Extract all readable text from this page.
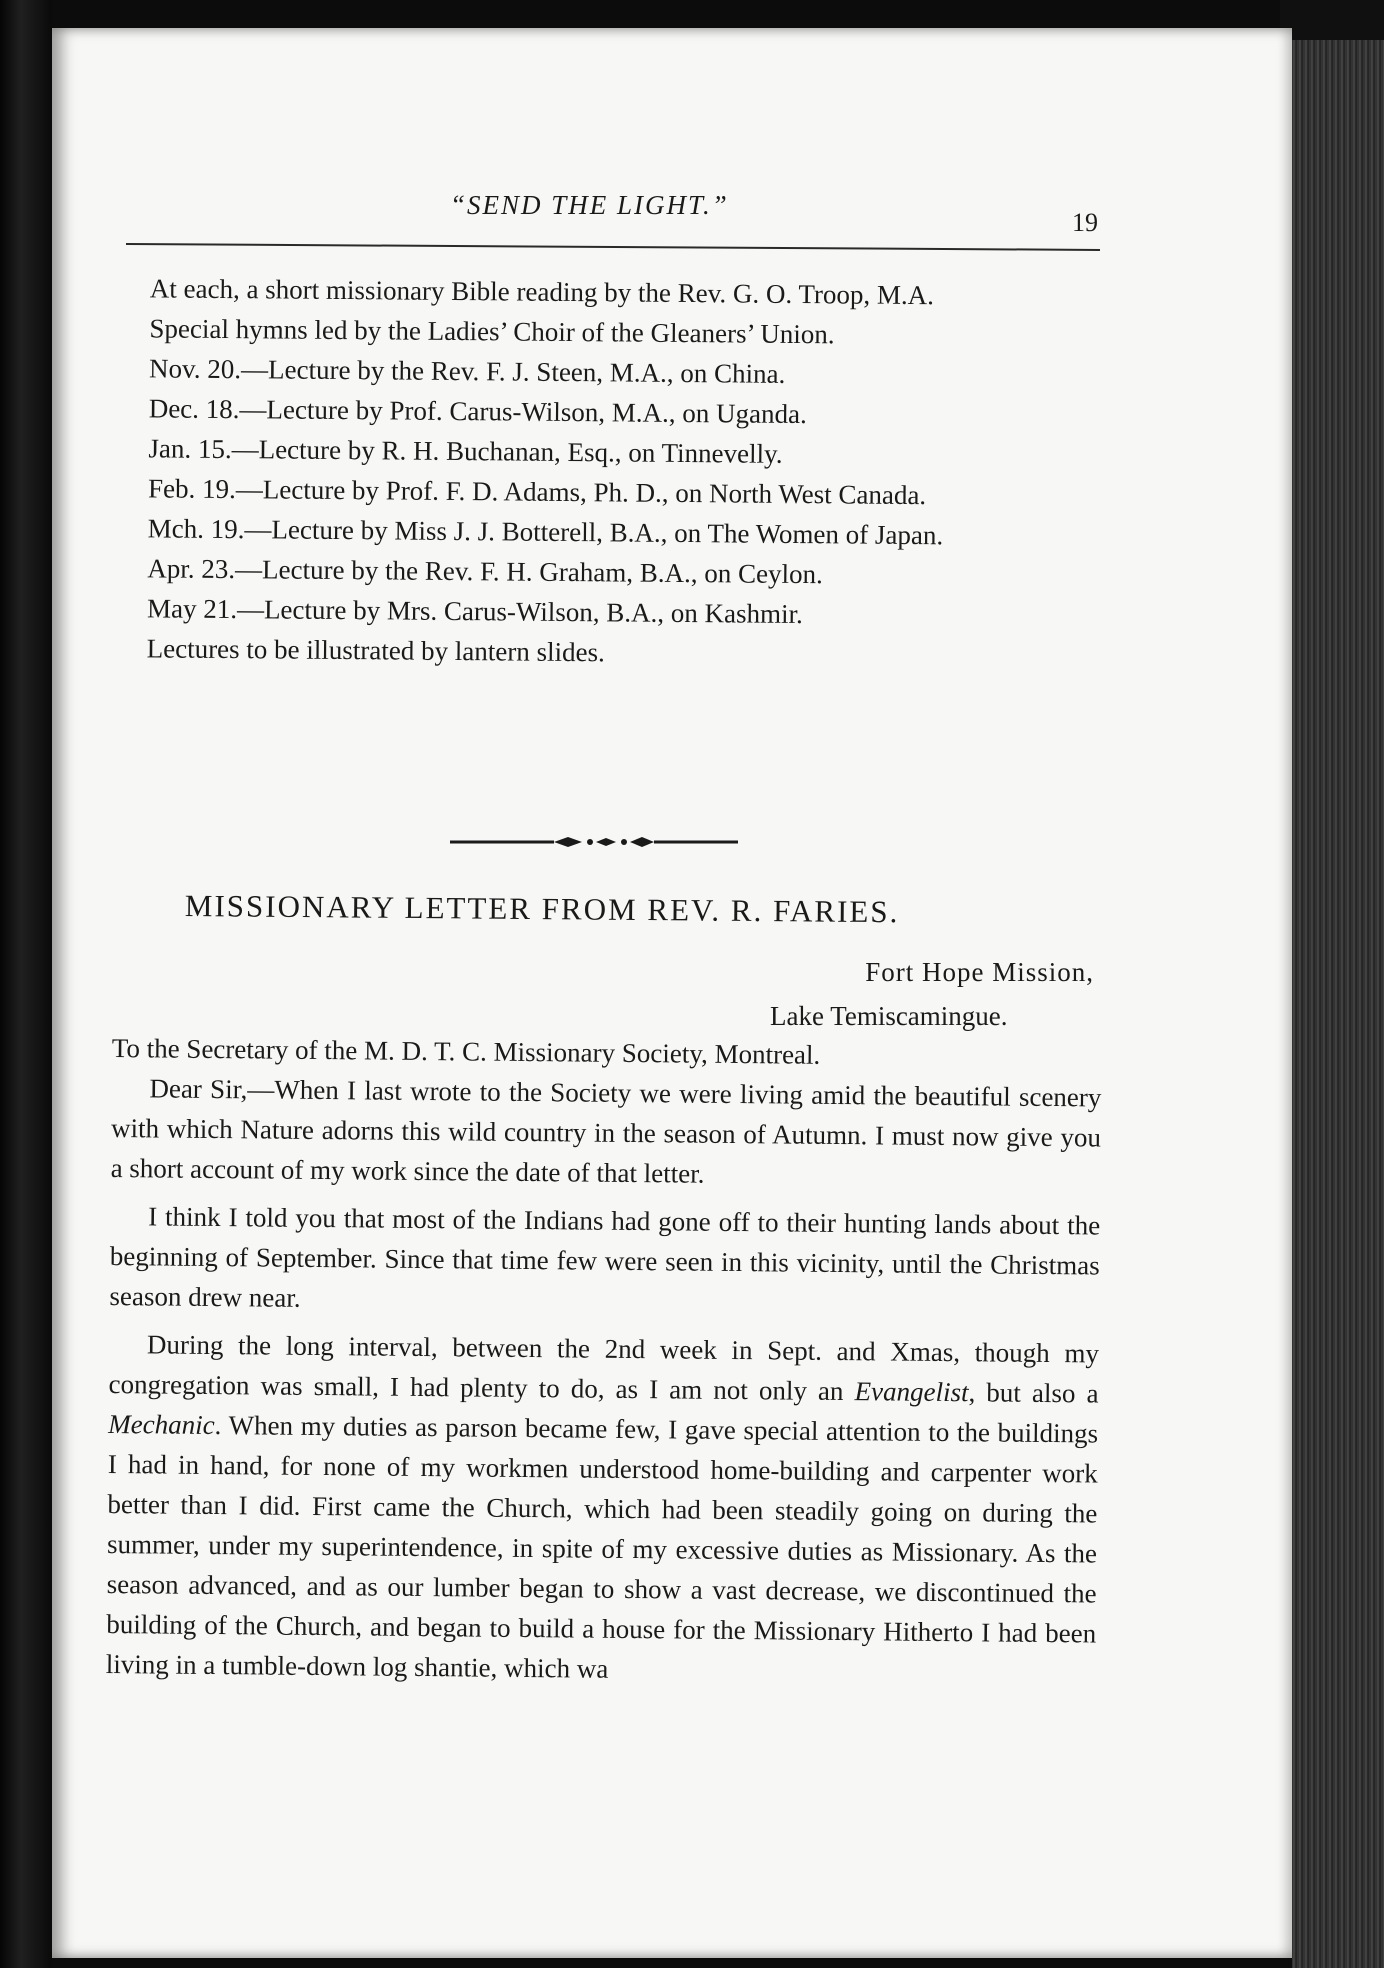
“SEND THE LIGHT.”
19

At each, a short missionary Bible reading by the Rev. G. O. Troop, M.A.

Special hymns led by the Ladies’ Choir of the Gleaners’ Union.

Nov. 20.—Lecture by the Rev. F. J. Steen, M.A., on China.

Dec. 18.—Lecture by Prof. Carus-Wilson, M.A., on Uganda.

Jan. 15.—Lecture by R. H. Buchanan, Esq., on Tinnevelly.

Feb. 19.—Lecture by Prof. F. D. Adams, Ph. D., on North West Canada.

Mch. 19.—Lecture by Miss J. J. Botterell, B.A., on The Women of Japan.

Apr. 23.—Lecture by the Rev. F. H. Graham, B.A., on Ceylon.

May 21.—Lecture by Mrs. Carus-Wilson, B.A., on Kashmir.

Lectures to be illustrated by lantern slides.

MISSIONARY LETTER FROM REV. R. FARIES.
Fort Hope Mission,
Lake Temiscamingue.

To the Secretary of the M. D. T. C. Missionary Society, Montreal.

Dear Sir,—When I last wrote to the Society we were living amid the beautiful scenery with which Nature adorns this wild country in the season of Autumn. I must now give you a short account of my work since the date of that letter.

I think I told you that most of the Indians had gone off to their hunting lands about the beginning of September. Since that time few were seen in this vicinity, until the Christmas season drew near.

During the long interval, between the 2nd week in Sept. and Xmas, though my congregation was small, I had plenty to do, as I am not only an Evangelist, but also a Mechanic. When my duties as parson became few, I gave special attention to the buildings I had in hand, for none of my workmen understood home-building and carpenter work better than I did. First came the Church, which had been steadily going on during the summer, under my superintendence, in spite of my excessive duties as Missionary. As the season advanced, and as our lumber began to show a vast decrease, we discontinued the building of the Church, and began to build a house for the Missionary Hitherto I had been living in a tumble-down log shantie, which wa
